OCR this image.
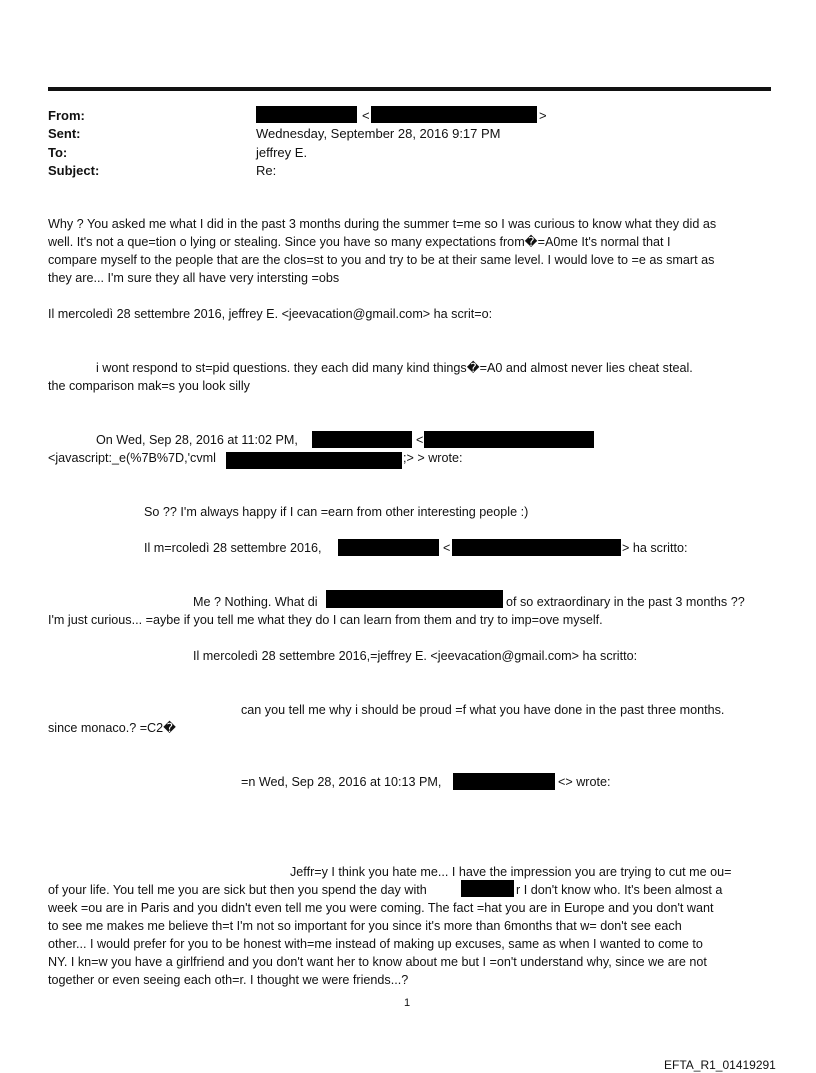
From:	<	>
Sent:	Wednesday, September 28, 2016 9:17 PM
To:	jeffrey E.
Subject:	Re:
Why ? You asked me what I did in the past 3 months during the summer t=me so I was curious to know what they did as
well. It's not a que=tion o lying or stealing. Since you have so many expectations from�=A0me It's normal that I
compare myself to the people that are the clos=st to you and try to be at their same level. I would love to =e as smart as
they are... I'm sure they all have very intersting =obs
Il mercoledì 28 settembre 2016, jeffrey E. <jeevacation@gmail.com> ha scrit=o:
i wont respond to st=pid questions. they each did many kind things�=A0 and almost never lies cheat steal.
the comparison mak=s you look silly
On Wed, Sep 28, 2016 at 11:02 PM,	<
<javascript:_e(%7B%7D,'cvml	;> > wrote:
So ?? I'm always happy if I can =earn from other interesting people :)
Il m=rcoledì 28 settembre 2016,	<	> ha scritto:
Me ? Nothing. What di	of so extraordinary in the past 3 months ??
I'm just curious... =aybe if you tell me what they do I can learn from them and try to imp=ove myself.
Il mercoledì 28 settembre 2016,=jeffrey E. <jeevacation@gmail.com> ha scritto:
can you tell me why i should be proud =f what you have done in the past three months.
since monaco.? =C2�
=n Wed, Sep 28, 2016 at 10:13 PM,	<> wrote:
Jeffr=y I think you hate me... I have the impression you are trying to cut me ou=
of your life. You tell me you are sick but then you spend the day with	r I don't know who. It's been almost a
week =ou are in Paris and you didn't even tell me you were coming. The fact =hat you are in Europe and you don't want
to see me makes me believe th=t I'm not so important for you since it's more than 6months that w= don't see each
other... I would prefer for you to be honest with=me instead of making up excuses, same as when I wanted to come to
NY. I kn=w you have a girlfriend and you don't want her to know about me but I =on't understand why, since we are not
together or even seeing each oth=r. I thought we were friends...?
1
EFTA_R1_01419291
